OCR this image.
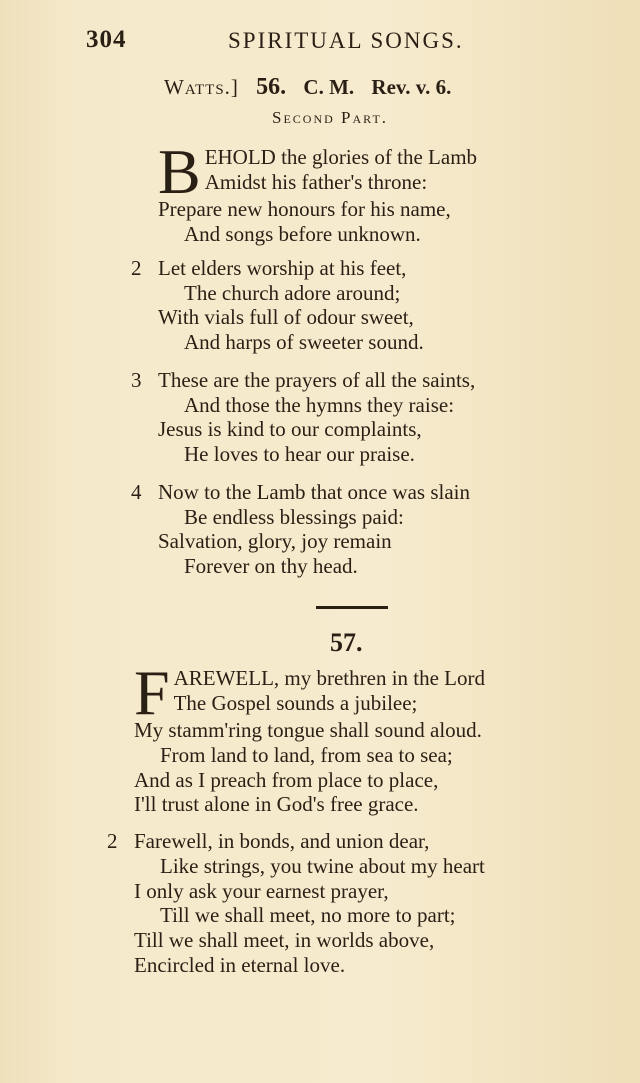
304	SPIRITUAL SONGS.
Watts.] 56. C. M. Rev. v. 6.
Second Part.
B EHOLD the glories of the Lamb
Amidst his father's throne:
Prepare new honours for his name,
And songs before unknown.
2 Let elders worship at his feet,
The church adore around;
With vials full of odour sweet,
And harps of sweeter sound.
3 These are the prayers of all the saints,
And those the hymns they raise:
Jesus is kind to our complaints,
He loves to hear our praise.
4 Now to the Lamb that once was slain
Be endless blessings paid:
Salvation, glory, joy remain
Forever on thy head.
57.
F AREWELL, my brethren in the Lord
The Gospel sounds a jubilee;
My stamm'ring tongue shall sound aloud.
From land to land, from sea to sea;
And as I preach from place to place,
I'll trust alone in God's free grace.
2 Farewell, in bonds, and union dear,
Like strings, you twine about my heart
I only ask your earnest prayer,
Till we shall meet, no more to part;
Till we shall meet, in worlds above,
Encircled in eternal love.
